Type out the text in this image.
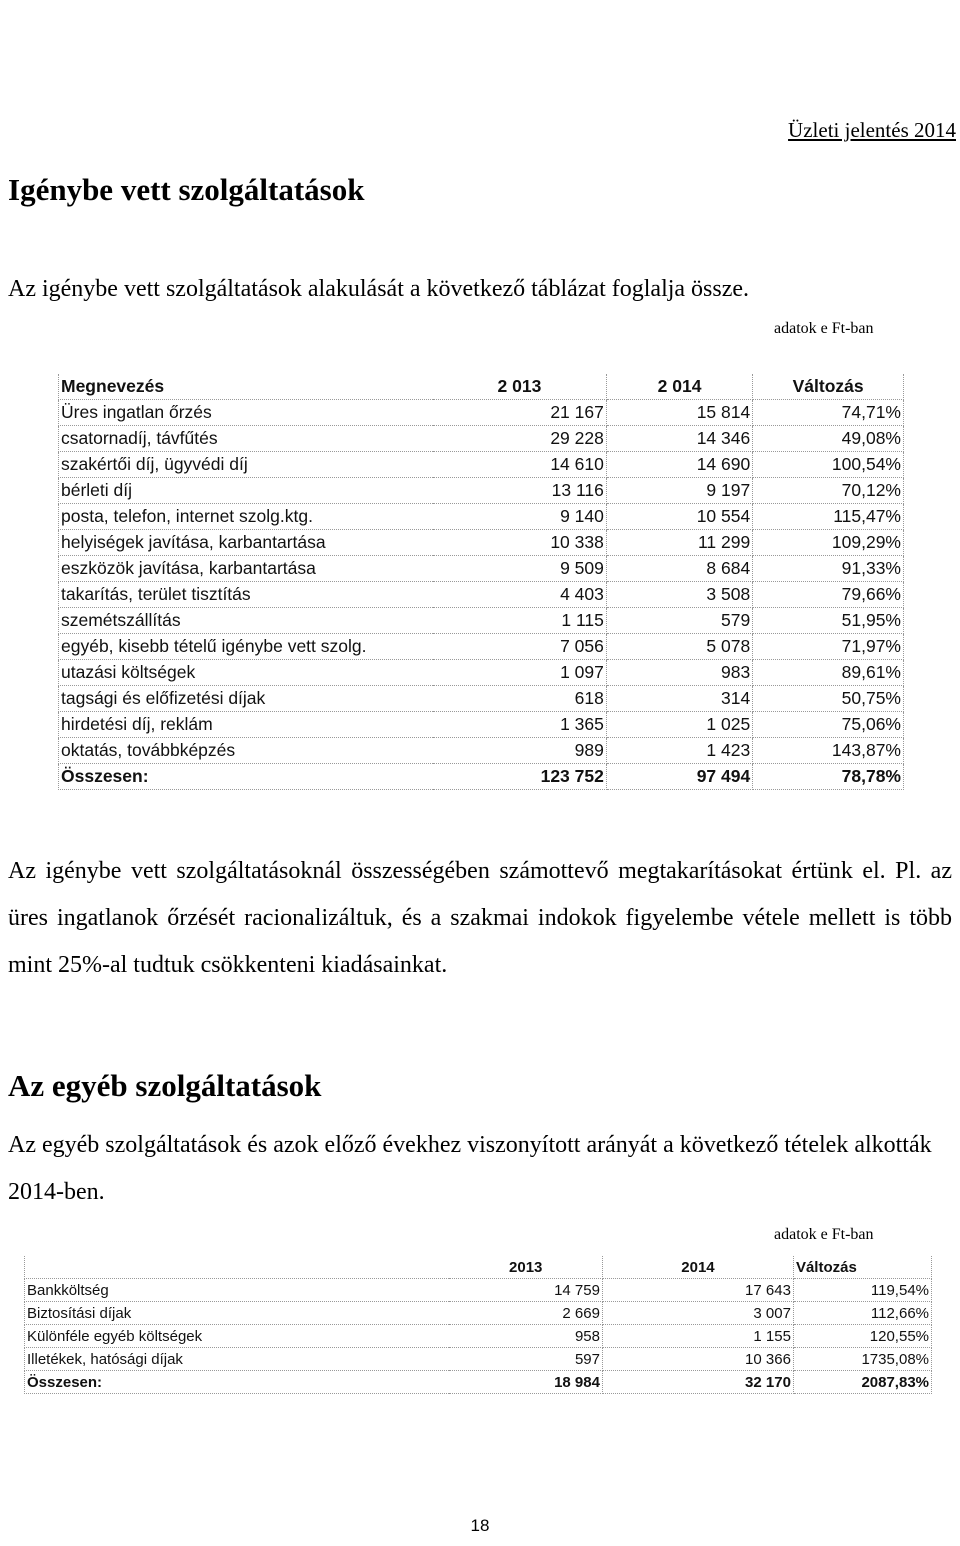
Üzleti jelentés 2014
Igénybe vett szolgáltatások
Az igénybe vett szolgáltatások alakulását a következő táblázat foglalja össze.
adatok e Ft-ban
Megnevezés	2 013	2 014	Változás
Üres ingatlan őrzés	21 167	15 814	74,71%
csatornadíj, távfűtés	29 228	14 346	49,08%
szakértői díj, ügyvédi díj	14 610	14 690	100,54%
bérleti díj	13 116	9 197	70,12%
posta, telefon, internet szolg.ktg.	9 140	10 554	115,47%
helyiségek javítása, karbantartása	10 338	11 299	109,29%
eszközök javítása, karbantartása	9 509	8 684	91,33%
takarítás, terület tisztítás	4 403	3 508	79,66%
szemétszállítás	1 115	579	51,95%
egyéb, kisebb tételű igénybe vett szolg.	7 056	5 078	71,97%
utazási költségek	1 097	983	89,61%
tagsági és előfizetési díjak	618	314	50,75%
hirdetési díj, reklám	1 365	1 025	75,06%
oktatás, továbbképzés	989	1 423	143,87%
Összesen:	123 752	97 494	78,78%
Az igénybe vett szolgáltatásoknál összességében számottevő megtakarításokat értünk el. Pl. az üres ingatlanok őrzését racionalizáltuk, és a szakmai indokok figyelembe vétele mellett is több mint 25%-al tudtuk csökkenteni kiadásainkat.
Az egyéb szolgáltatások
Az egyéb szolgáltatások és azok előző évekhez viszonyított arányát a következő tételek alkották 2014-ben.
adatok e Ft-ban
	2013	2014	Változás
Bankköltség	14 759	17 643	119,54%
Biztosítási díjak	2 669	3 007	112,66%
Különféle egyéb költségek	958	1 155	120,55%
Illetékek, hatósági díjak	597	10 366	1735,08%
Összesen:	18 984	32 170	2087,83%
18
